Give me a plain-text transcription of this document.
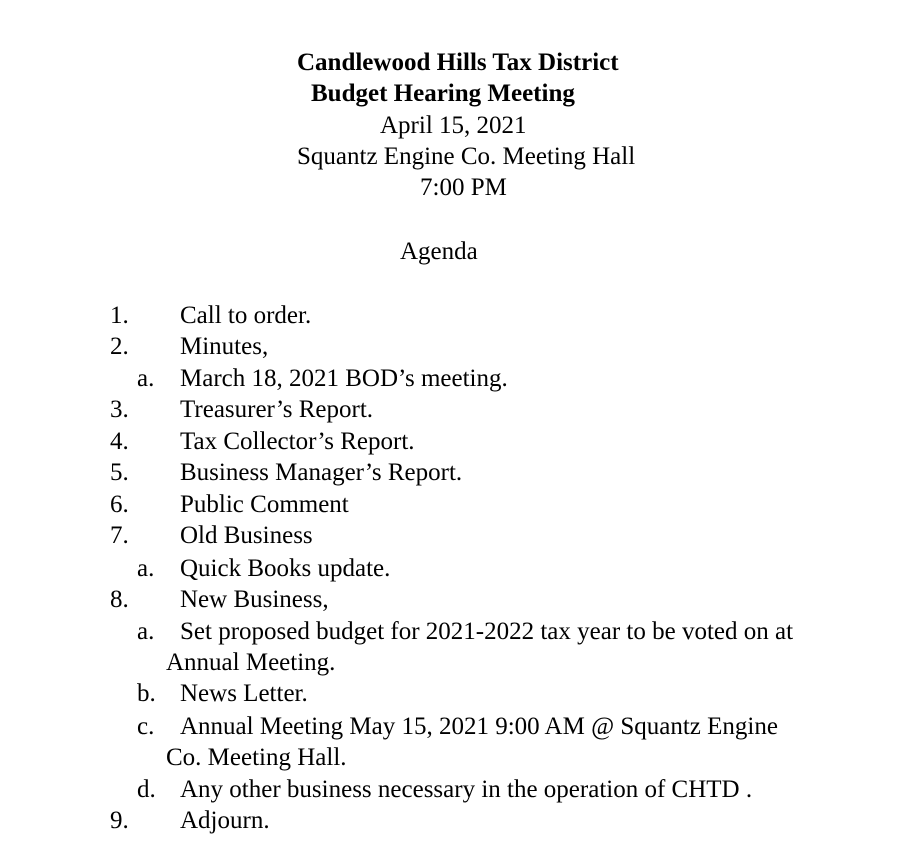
Candlewood Hills Tax District
Budget Hearing Meeting
April 15, 2021
Squantz Engine Co. Meeting Hall
7:00 PM
Agenda
1. Call to order.
2. Minutes,
a. March 18, 2021 BOD’s meeting.
3. Treasurer’s Report.
4. Tax Collector’s Report.
5. Business Manager’s Report.
6. Public Comment
7. Old Business
a. Quick Books update.
8. New Business,
a. Set proposed budget for 2021-2022 tax year to be voted on at
Annual Meeting.
b. News Letter.
c. Annual Meeting May 15, 2021 9:00 AM @ Squantz Engine
Co. Meeting Hall.
d. Any other business necessary in the operation of CHTD .
9. Adjourn.
